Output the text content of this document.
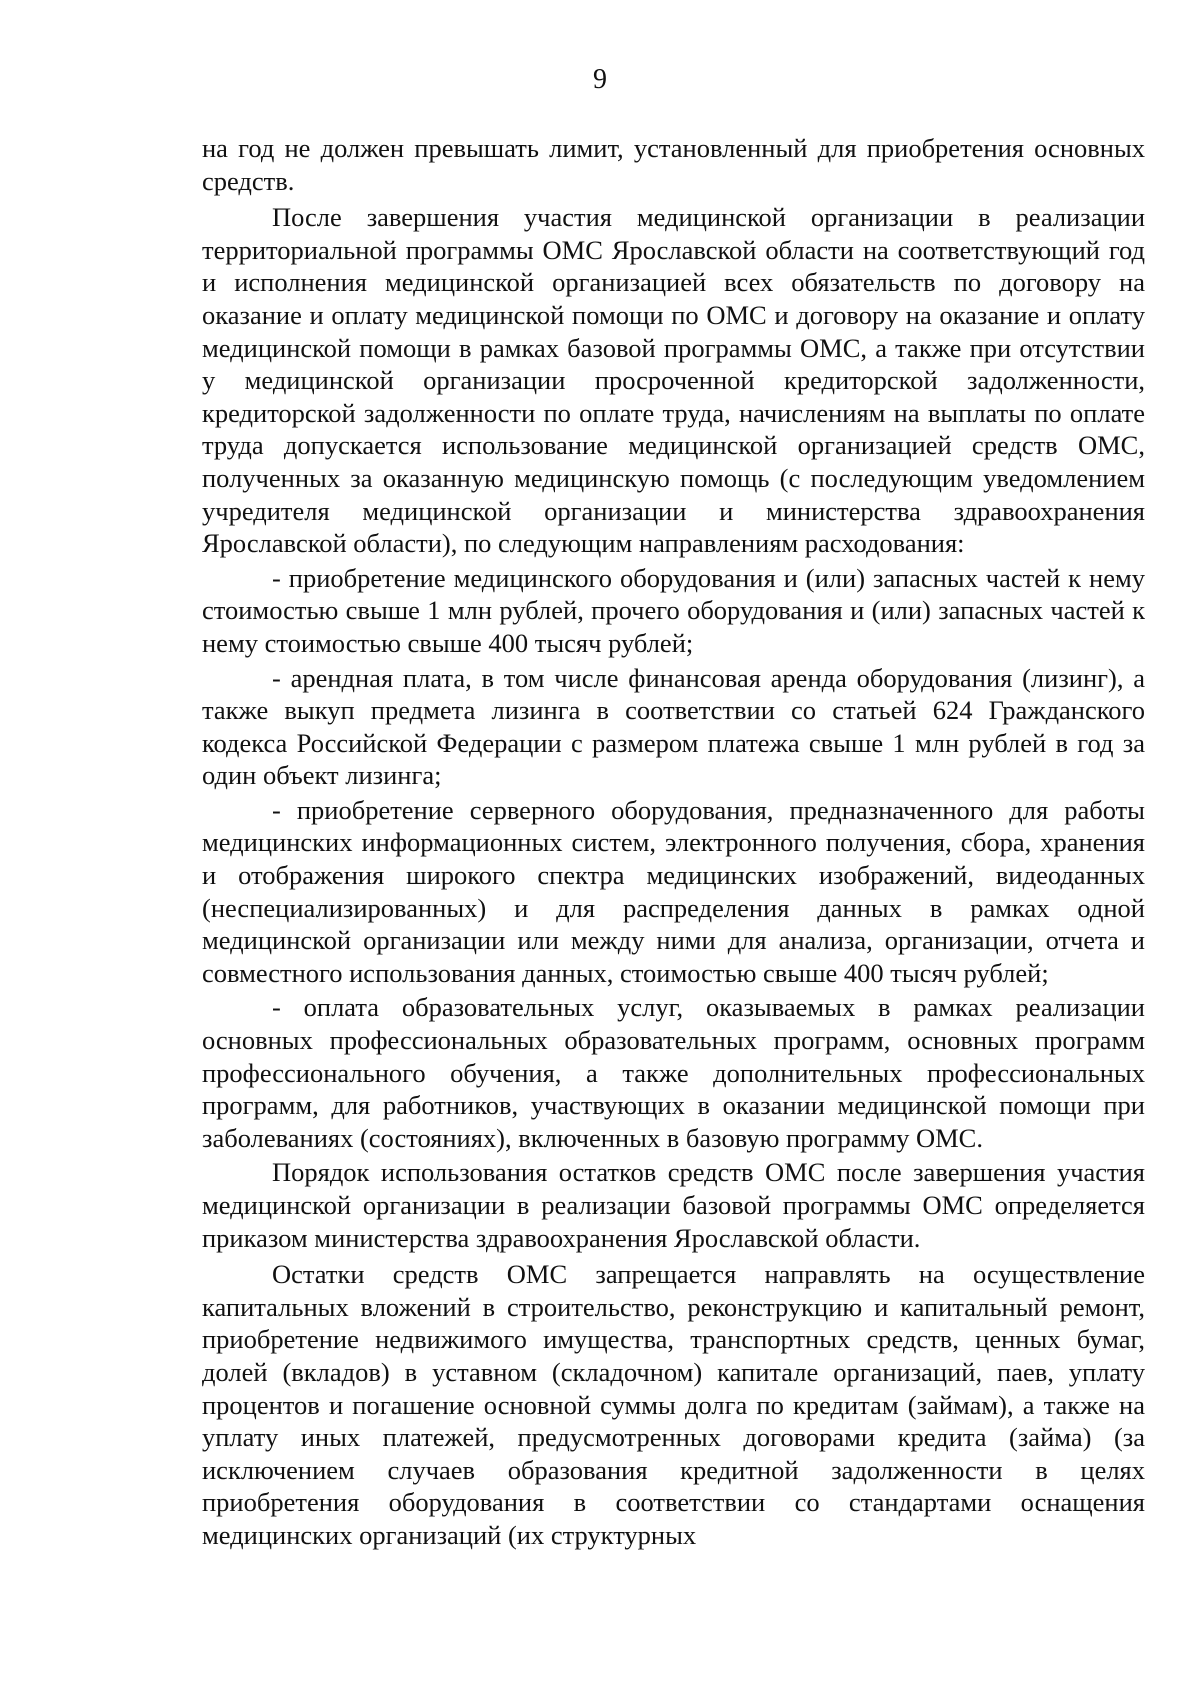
9

на год не должен превышать лимит, установленный для приобретения основных средств.

После завершения участия медицинской организации в реализации территориальной программы ОМС Ярославской области на соответствующий год и исполнения медицинской организацией всех обязательств по договору на оказание и оплату медицинской помощи по ОМС и договору на оказание и оплату медицинской помощи в рамках базовой программы ОМС, а также при отсутствии у медицинской организации просроченной кредиторской задолженности, кредиторской задолженности по оплате труда, начислениям на выплаты по оплате труда допускается использование медицинской организацией средств ОМС, полученных за оказанную медицинскую помощь (с последующим уведомлением учредителя медицинской организации и министерства здравоохранения Ярославской области), по следующим направлениям расходования:

- приобретение медицинского оборудования и (или) запасных частей к нему стоимостью свыше 1 млн рублей, прочего оборудования и (или) запасных частей к нему стоимостью свыше 400 тысяч рублей;

- арендная плата, в том числе финансовая аренда оборудования (лизинг), а также выкуп предмета лизинга в соответствии со статьей 624 Гражданского кодекса Российской Федерации с размером платежа свыше 1 млн рублей в год за один объект лизинга;

- приобретение серверного оборудования, предназначенного для работы медицинских информационных систем, электронного получения, сбора, хранения и отображения широкого спектра медицинских изображений, видеоданных (неспециализированных) и для распределения данных в рамках одной медицинской организации или между ними для анализа, организации, отчета и совместного использования данных, стоимостью свыше 400 тысяч рублей;

- оплата образовательных услуг, оказываемых в рамках реализации основных профессиональных образовательных программ, основных программ профессионального обучения, а также дополнительных профессиональных программ, для работников, участвующих в оказании медицинской помощи при заболеваниях (состояниях), включенных в базовую программу ОМС.

Порядок использования остатков средств ОМС после завершения участия медицинской организации в реализации базовой программы ОМС определяется приказом министерства здравоохранения Ярославской области.

Остатки средств ОМС запрещается направлять на осуществление капитальных вложений в строительство, реконструкцию и капитальный ремонт, приобретение недвижимого имущества, транспортных средств, ценных бумаг, долей (вкладов) в уставном (складочном) капитале организаций, паев, уплату процентов и погашение основной суммы долга по кредитам (займам), а также на уплату иных платежей, предусмотренных договорами кредита (займа) (за исключением случаев образования кредитной задолженности в целях приобретения оборудования в соответствии со стандартами оснащения медицинских организаций (их структурных
